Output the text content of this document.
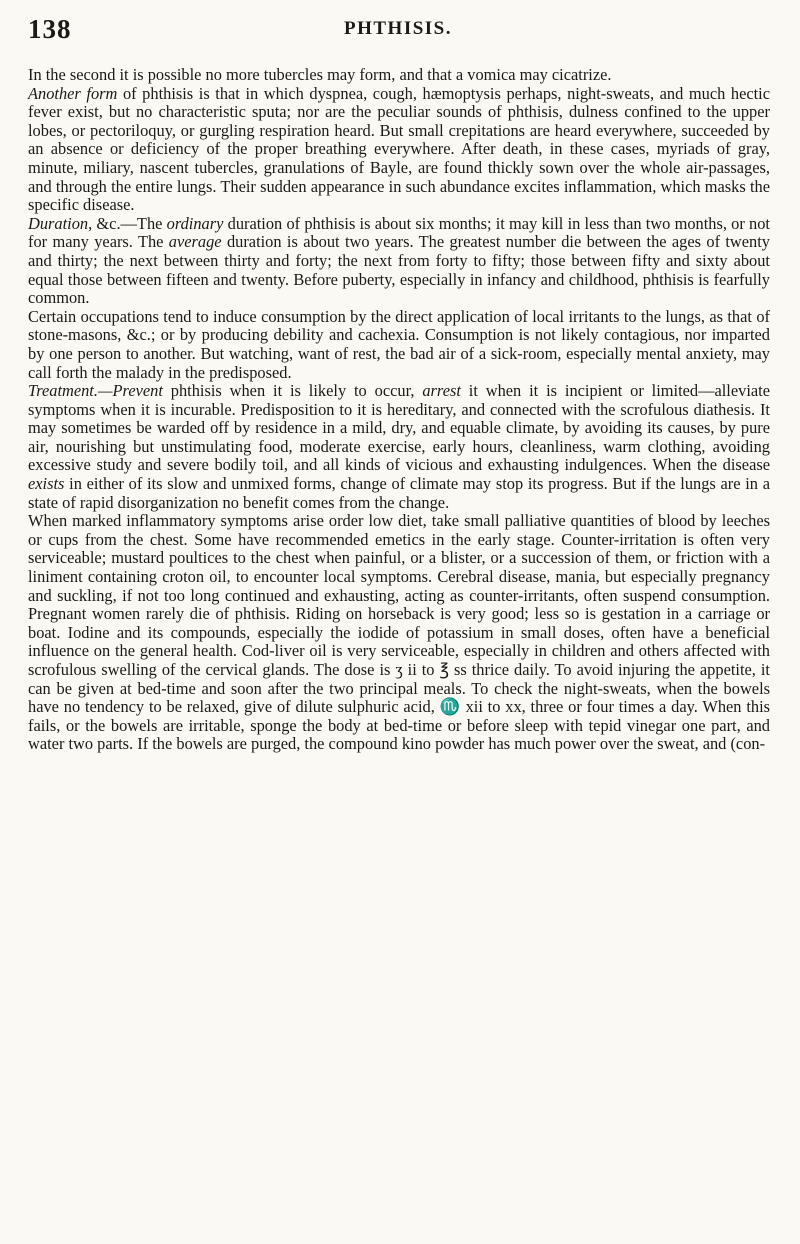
138	PHTHISIS.

In the second it is possible no more tubercles may form, and that a vomica may cicatrize.

Another form of phthisis is that in which dyspnea, cough, hæmoptysis perhaps, night-sweats, and much hectic fever exist, but no characteristic sputa; nor are the peculiar sounds of phthisis, dulness confined to the upper lobes, or pectoriloquy, or gurgling respiration heard. But small crepitations are heard everywhere, succeeded by an absence or deficiency of the proper breathing everywhere. After death, in these cases, myriads of gray, minute, miliary, nascent tubercles, granulations of Bayle, are found thickly sown over the whole air-passages, and through the entire lungs. Their sudden appearance in such abundance excites inflammation, which masks the specific disease.

Duration, &c.—The ordinary duration of phthisis is about six months; it may kill in less than two months, or not for many years. The average duration is about two years. The greatest number die between the ages of twenty and thirty; the next between thirty and forty; the next from forty to fifty; those between fifty and sixty about equal those between fifteen and twenty. Before puberty, especially in infancy and childhood, phthisis is fearfully common.

Certain occupations tend to induce consumption by the direct application of local irritants to the lungs, as that of stone-masons, &c.; or by producing debility and cachexia. Consumption is not likely contagious, nor imparted by one person to another. But watching, want of rest, the bad air of a sick-room, especially mental anxiety, may call forth the malady in the predisposed.

Treatment.—Prevent phthisis when it is likely to occur, arrest it when it is incipient or limited—alleviate symptoms when it is incurable. Predisposition to it is hereditary, and connected with the scrofulous diathesis. It may sometimes be warded off by residence in a mild, dry, and equable climate, by avoiding its causes, by pure air, nourishing but unstimulating food, moderate exercise, early hours, cleanliness, warm clothing, avoiding excessive study and severe bodily toil, and all kinds of vicious and exhausting indulgences. When the disease exists in either of its slow and unmixed forms, change of climate may stop its progress. But if the lungs are in a state of rapid disorganization no benefit comes from the change.

When marked inflammatory symptoms arise order low diet, take small palliative quantities of blood by leeches or cups from the chest. Some have recommended emetics in the early stage. Counter-irritation is often very serviceable; mustard poultices to the chest when painful, or a blister, or a succession of them, or friction with a liniment containing croton oil, to encounter local symptoms. Cerebral disease, mania, but especially pregnancy and suckling, if not too long continued and exhausting, acting as counter-irritants, often suspend consumption. Pregnant women rarely die of phthisis. Riding on horseback is very good; less so is gestation in a carriage or boat. Iodine and its compounds, especially the iodide of potassium in small doses, often have a beneficial influence on the general health. Cod-liver oil is very serviceable, especially in children and others affected with scrofulous swelling of the cervical glands. The dose is ʒ ii to ℥ ss thrice daily. To avoid injuring the appetite, it can be given at bed-time and soon after the two principal meals. To check the night-sweats, when the bowels have no tendency to be relaxed, give of dilute sulphuric acid, ♏ xii to xx, three or four times a day. When this fails, or the bowels are irritable, sponge the body at bed-time or before sleep with tepid vinegar one part, and water two parts. If the bowels are purged, the compound kino powder has much power over the sweat, and (con-
